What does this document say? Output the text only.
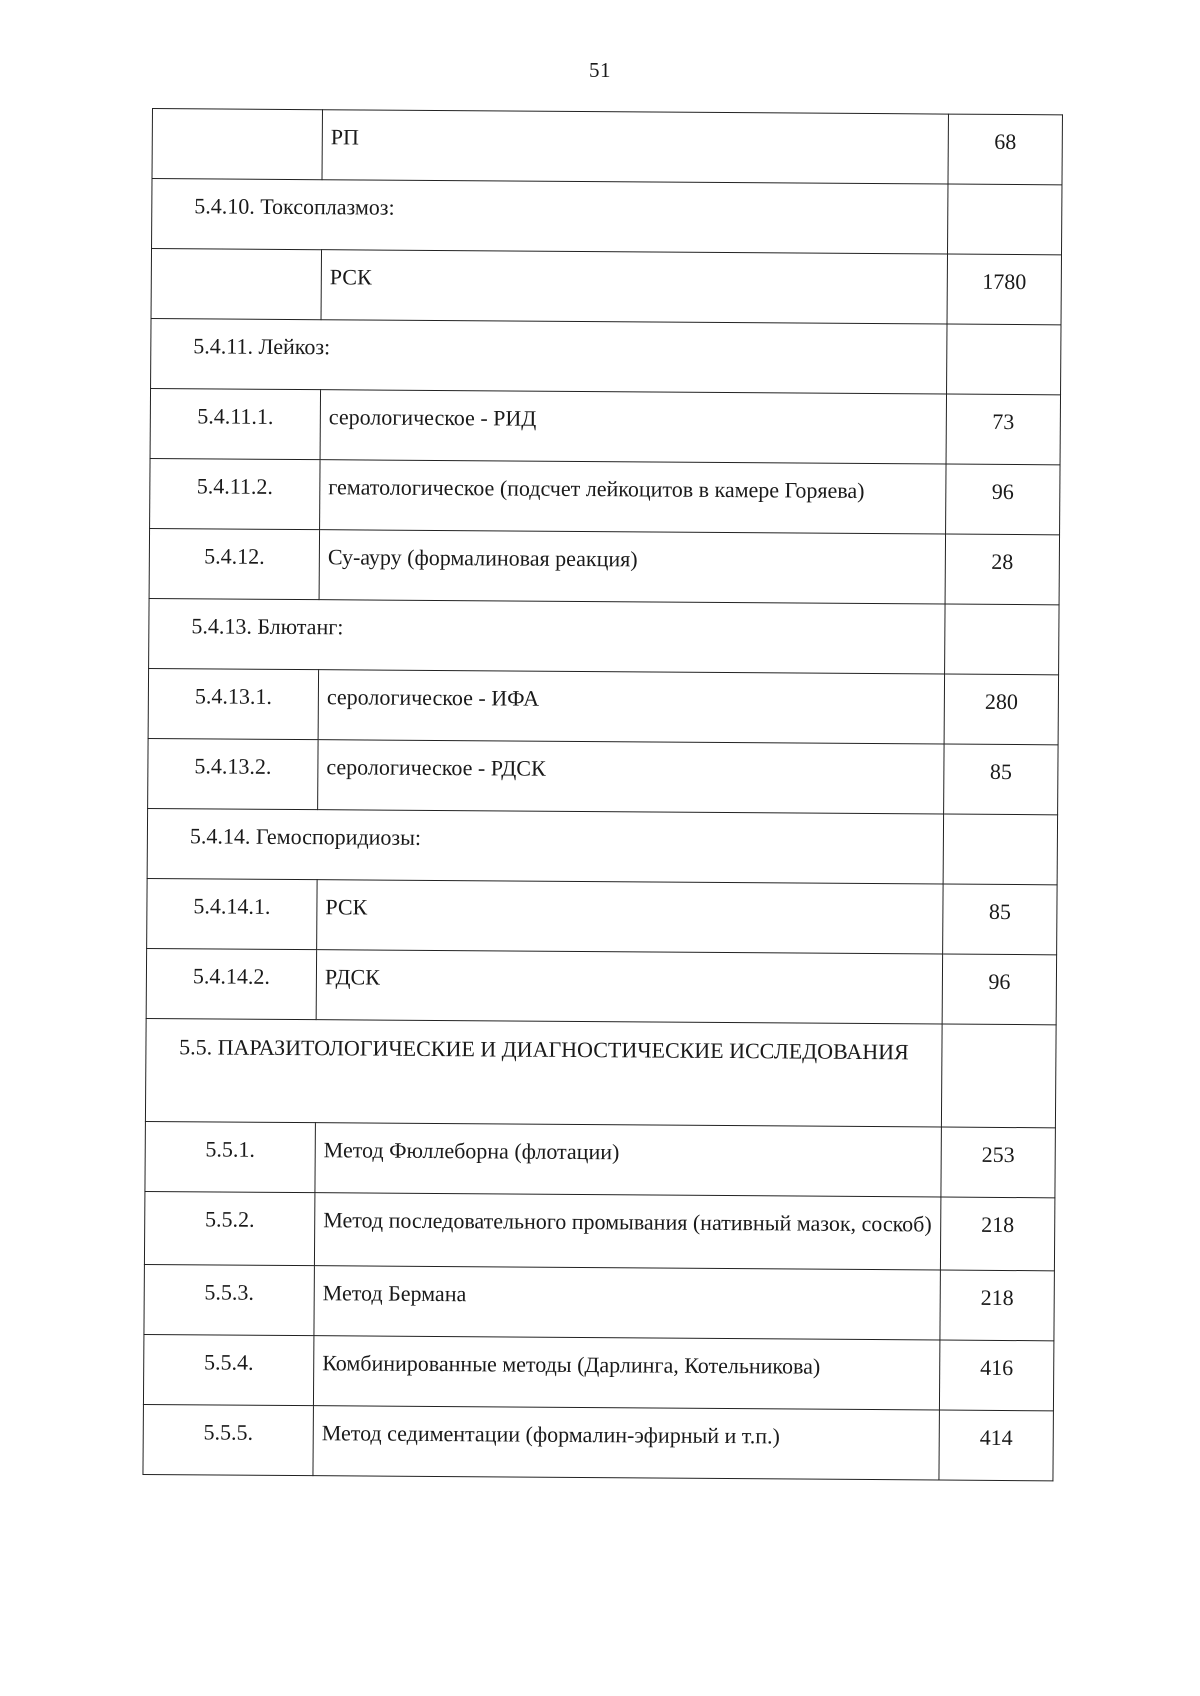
51
	РП	68
5.4.10. Токсоплазмоз:		
	РСК	1780
5.4.11. Лейкоз:		
5.4.11.1.	серологическое - РИД	73
5.4.11.2.	гематологическое (подсчет лейкоцитов в камере Горяева)	96
5.4.12.	Су-ауру (формалиновая реакция)	28
5.4.13. Блютанг:		
5.4.13.1.	серологическое - ИФА	280
5.4.13.2.	серологическое - РДСК	85
5.4.14. Гемоспоридиозы:		
5.4.14.1.	РСК	85
5.4.14.2.	РДСК	96
5.5. ПАРАЗИТОЛОГИЧЕСКИЕ И ДИАГНОСТИЧЕСКИЕ ИССЛЕДОВАНИЯ		
5.5.1.	Метод Фюллеборна (флотации)	253
5.5.2.	Метод последовательного промывания (нативный мазок, соскоб)	218
5.5.3.	Метод Бермана	218
5.5.4.	Комбинированные методы (Дарлинга, Котельникова)	416
5.5.5.	Метод седиментации (формалин-эфирный и т.п.)	414
